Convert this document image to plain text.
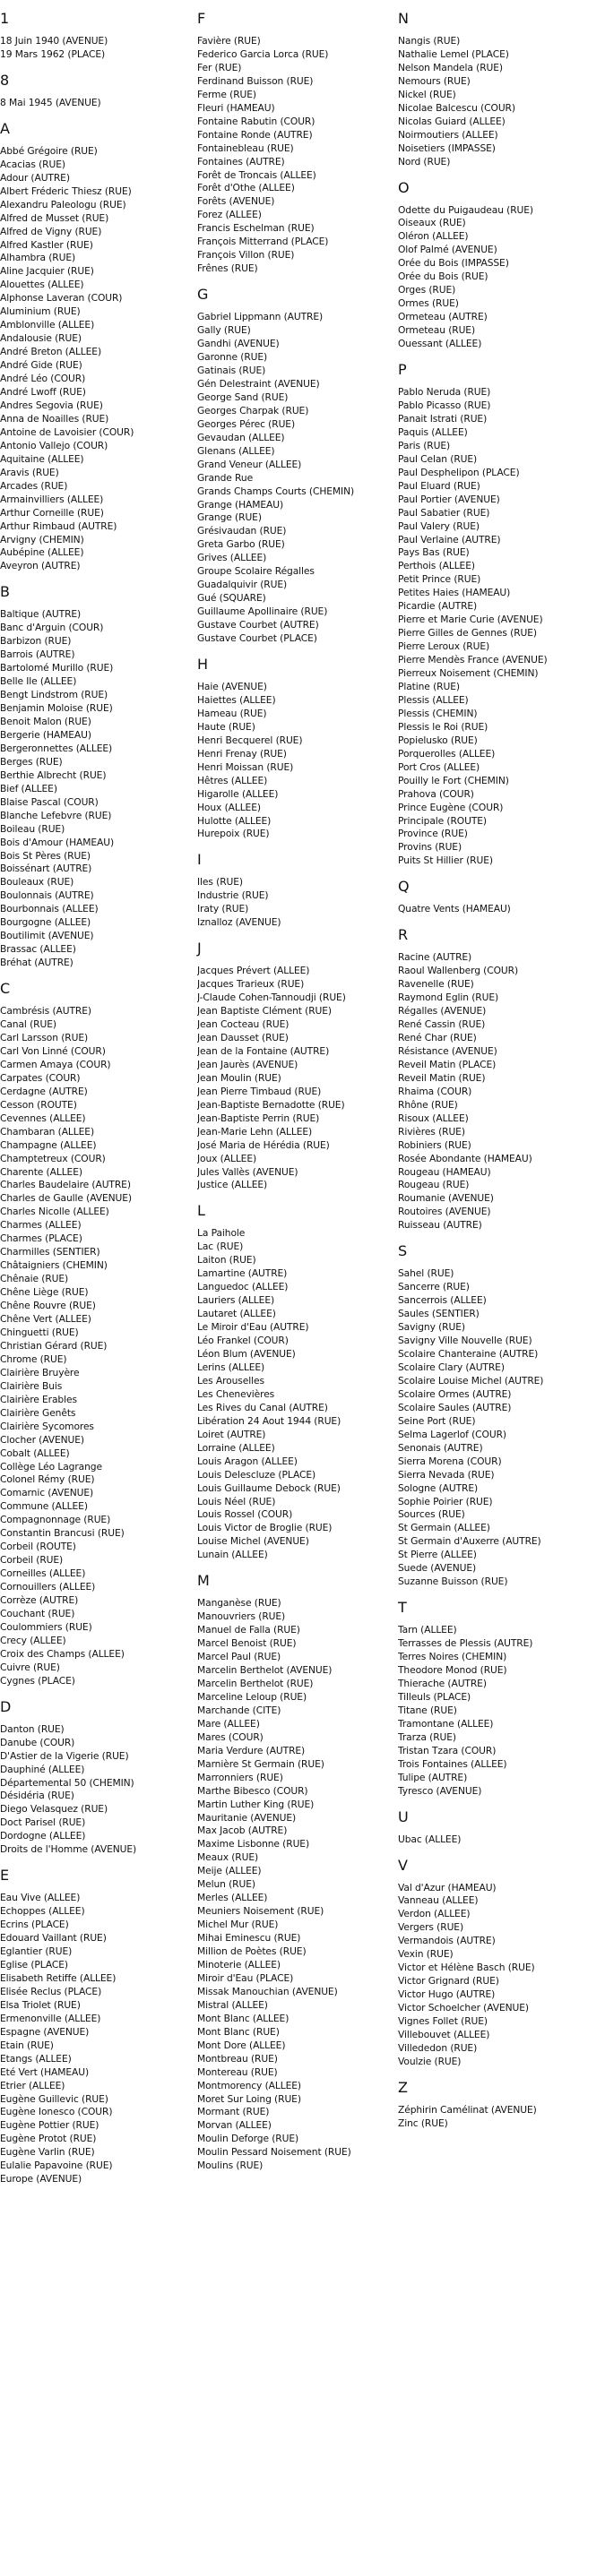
1
18 Juin 1940 (AVENUE)
19 Mars 1962 (PLACE)
8
8 Mai 1945 (AVENUE)
A
Abbé Grégoire (RUE)
Acacias (RUE)
Adour (AUTRE)
Albert Fréderic Thiesz (RUE)
Alexandru Paleologu (RUE)
Alfred de Musset (RUE)
Alfred de Vigny (RUE)
Alfred Kastler (RUE)
Alhambra (RUE)
Aline Jacquier (RUE)
Alouettes (ALLEE)
Alphonse Laveran (COUR)
Aluminium (RUE)
Amblonville (ALLEE)
Andalousie (RUE)
André Breton (ALLEE)
André Gide (RUE)
André Léo (COUR)
André Lwoff (RUE)
Andres Segovia (RUE)
Anna de Noailles (RUE)
Antoine de Lavoisier (COUR)
Antonio Vallejo (COUR)
Aquitaine (ALLEE)
Aravis (RUE)
Arcades (RUE)
Armainvilliers (ALLEE)
Arthur Corneille (RUE)
Arthur Rimbaud (AUTRE)
Arvigny (CHEMIN)
Aubépine (ALLEE)
Aveyron (AUTRE)
B
Baltique (AUTRE)
Banc d'Arguin (COUR)
Barbizon (RUE)
Barrois (AUTRE)
Bartolomé Murillo (RUE)
Belle Ile (ALLEE)
Bengt Lindstrom (RUE)
Benjamin Moloise (RUE)
Benoit Malon (RUE)
Bergerie (HAMEAU)
Bergeronnettes (ALLEE)
Berges (RUE)
Berthie Albrecht (RUE)
Bief (ALLEE)
Blaise Pascal (COUR)
Blanche Lefebvre (RUE)
Boileau (RUE)
Bois d'Amour (HAMEAU)
Bois St Pères (RUE)
Boissénart (AUTRE)
Bouleaux (RUE)
Boulonnais (AUTRE)
Bourbonnais (ALLEE)
Bourgogne (ALLEE)
Boutilimit (AVENUE)
Brassac (ALLEE)
Bréhat (AUTRE)
C
Cambrésis (AUTRE)
Canal (RUE)
Carl Larsson (RUE)
Carl Von Linné (COUR)
Carmen Amaya (COUR)
Carpates (COUR)
Cerdagne (AUTRE)
Cesson (ROUTE)
Cevennes (ALLEE)
Chambaran (ALLEE)
Champagne (ALLEE)
Champtetreux (COUR)
Charente (ALLEE)
Charles Baudelaire (AUTRE)
Charles de Gaulle (AVENUE)
Charles Nicolle (ALLEE)
Charmes (ALLEE)
Charmes (PLACE)
Charmilles (SENTIER)
Châtaigniers (CHEMIN)
Chênaie (RUE)
Chêne Liège (RUE)
Chêne Rouvre (RUE)
Chêne Vert (ALLEE)
Chinguetti (RUE)
Christian Gérard (RUE)
Chrome (RUE)
Clairière Bruyère
Clairière Buis
Clairière Erables
Clairière Genêts
Clairière Sycomores
Clocher (AVENUE)
Cobalt (ALLEE)
Collège Léo Lagrange
Colonel Rémy (RUE)
Comarnic (AVENUE)
Commune (ALLEE)
Compagnonnage (RUE)
Constantin Brancusi (RUE)
Corbeil (ROUTE)
Corbeil (RUE)
Corneilles (ALLEE)
Cornouillers (ALLEE)
Corrèze (AUTRE)
Couchant (RUE)
Coulommiers (RUE)
Crecy (ALLEE)
Croix des Champs (ALLEE)
Cuivre (RUE)
Cygnes (PLACE)
D
Danton (RUE)
Danube (COUR)
D'Astier de la Vigerie (RUE)
Dauphiné (ALLEE)
Départemental 50 (CHEMIN)
Désidéria (RUE)
Diego Velasquez (RUE)
Doct Parisel (RUE)
Dordogne (ALLEE)
Droits de l'Homme (AVENUE)
E
Eau Vive (ALLEE)
Echoppes (ALLEE)
Ecrins (PLACE)
Edouard Vaillant (RUE)
Eglantier (RUE)
Eglise (PLACE)
Elisabeth Retiffe (ALLEE)
Elisée Reclus (PLACE)
Elsa Triolet (RUE)
Ermenonville (ALLEE)
Espagne (AVENUE)
Etain (RUE)
Etangs (ALLEE)
Eté Vert (HAMEAU)
Etrier (ALLEE)
Eugène Guillevic (RUE)
Eugène Ionesco (COUR)
Eugène Pottier (RUE)
Eugène Protot (RUE)
Eugène Varlin (RUE)
Eulalie Papavoine (RUE)
Europe (AVENUE)
F
Favière (RUE)
Federico Garcia Lorca (RUE)
Fer (RUE)
Ferdinand Buisson (RUE)
Ferme (RUE)
Fleuri (HAMEAU)
Fontaine Rabutin (COUR)
Fontaine Ronde (AUTRE)
Fontainebleau (RUE)
Fontaines (AUTRE)
Forêt de Troncais (ALLEE)
Forêt d'Othe (ALLEE)
Forêts (AVENUE)
Forez (ALLEE)
Francis Eschelman (RUE)
François Mitterrand (PLACE)
François Villon (RUE)
Frênes (RUE)
G
Gabriel Lippmann (AUTRE)
Gally (RUE)
Gandhi (AVENUE)
Garonne (RUE)
Gatinais (RUE)
Gén Delestraint (AVENUE)
George Sand (RUE)
Georges Charpak (RUE)
Georges Pérec (RUE)
Gevaudan (ALLEE)
Glenans (ALLEE)
Grand Veneur (ALLEE)
Grande Rue
Grands Champs Courts (CHEMIN)
Grange (HAMEAU)
Grange (RUE)
Grésivaudan (RUE)
Greta Garbo (RUE)
Grives (ALLEE)
Groupe Scolaire Régalles
Guadalquivir (RUE)
Gué (SQUARE)
Guillaume Apollinaire (RUE)
Gustave Courbet (AUTRE)
Gustave Courbet (PLACE)
H
Haie (AVENUE)
Haiettes (ALLEE)
Hameau (RUE)
Haute (RUE)
Henri Becquerel (RUE)
Henri Frenay (RUE)
Henri Moissan (RUE)
Hêtres (ALLEE)
Higarolle (ALLEE)
Houx (ALLEE)
Hulotte (ALLEE)
Hurepoix (RUE)
I
Iles (RUE)
Industrie (RUE)
Iraty (RUE)
Iznalloz (AVENUE)
J
Jacques Prévert (ALLEE)
Jacques Trarieux (RUE)
J-Claude Cohen-Tannoudji (RUE)
Jean Baptiste Clément (RUE)
Jean Cocteau (RUE)
Jean Dausset (RUE)
Jean de la Fontaine (AUTRE)
Jean Jaurès (AVENUE)
Jean Moulin (RUE)
Jean Pierre Timbaud (RUE)
Jean-Baptiste Bernadotte (RUE)
Jean-Baptiste Perrin (RUE)
Jean-Marie Lehn (ALLEE)
José Maria de Hérédia (RUE)
Joux (ALLEE)
Jules Vallès (AVENUE)
Justice (ALLEE)
L
La Paihole
Lac (RUE)
Laiton (RUE)
Lamartine (AUTRE)
Languedoc (ALLEE)
Lauriers (ALLEE)
Lautaret (ALLEE)
Le Miroir d'Eau (AUTRE)
Léo Frankel (COUR)
Léon Blum (AVENUE)
Lerins (ALLEE)
Les Arouselles
Les Chenevières
Les Rives du Canal (AUTRE)
Libération 24 Aout 1944 (RUE)
Loiret (AUTRE)
Lorraine (ALLEE)
Louis Aragon (ALLEE)
Louis Delescluze (PLACE)
Louis Guillaume Debock (RUE)
Louis Néel (RUE)
Louis Rossel (COUR)
Louis Victor de Broglie (RUE)
Louise Michel (AVENUE)
Lunain (ALLEE)
M
Manganèse (RUE)
Manouvriers (RUE)
Manuel de Falla (RUE)
Marcel Benoist (RUE)
Marcel Paul (RUE)
Marcelin Berthelot (AVENUE)
Marcelin Berthelot (RUE)
Marceline Leloup (RUE)
Marchande (CITE)
Mare (ALLEE)
Mares (COUR)
Maria Verdure (AUTRE)
Marnière St Germain (RUE)
Marronniers (RUE)
Marthe Bibesco (COUR)
Martin Luther King (RUE)
Mauritanie (AVENUE)
Max Jacob (AUTRE)
Maxime Lisbonne (RUE)
Meaux (RUE)
Meije (ALLEE)
Melun (RUE)
Merles (ALLEE)
Meuniers Noisement (RUE)
Michel Mur (RUE)
Mihai Eminescu (RUE)
Million de Poètes (RUE)
Minoterie (ALLEE)
Miroir d'Eau (PLACE)
Missak Manouchian (AVENUE)
Mistral (ALLEE)
Mont Blanc (ALLEE)
Mont Blanc (RUE)
Mont Dore (ALLEE)
Montbreau (RUE)
Montereau (RUE)
Montmorency (ALLEE)
Moret Sur Loing (RUE)
Mormant (RUE)
Morvan (ALLEE)
Moulin Deforge (RUE)
Moulin Pessard Noisement (RUE)
Moulins (RUE)
N
Nangis (RUE)
Nathalie Lemel (PLACE)
Nelson Mandela (RUE)
Nemours (RUE)
Nickel (RUE)
Nicolae Balcescu (COUR)
Nicolas Guiard (ALLEE)
Noirmoutiers (ALLEE)
Noisetiers (IMPASSE)
Nord (RUE)
O
Odette du Puigaudeau (RUE)
Oiseaux (RUE)
Oléron (ALLEE)
Olof Palmé (AVENUE)
Orée du Bois (IMPASSE)
Orée du Bois (RUE)
Orges (RUE)
Ormes (RUE)
Ormeteau (AUTRE)
Ormeteau (RUE)
Ouessant (ALLEE)
P
Pablo Neruda (RUE)
Pablo Picasso (RUE)
Panait Istrati (RUE)
Paquis (ALLEE)
Paris (RUE)
Paul Celan (RUE)
Paul Desphelipon (PLACE)
Paul Eluard (RUE)
Paul Portier (AVENUE)
Paul Sabatier (RUE)
Paul Valery (RUE)
Paul Verlaine (AUTRE)
Pays Bas (RUE)
Perthois (ALLEE)
Petit Prince (RUE)
Petites Haies (HAMEAU)
Picardie (AUTRE)
Pierre et Marie Curie (AVENUE)
Pierre Gilles de Gennes (RUE)
Pierre Leroux (RUE)
Pierre Mendès France (AVENUE)
Pierreux Noisement (CHEMIN)
Platine (RUE)
Plessis (ALLEE)
Plessis (CHEMIN)
Plessis le Roi (RUE)
Popielusko (RUE)
Porquerolles (ALLEE)
Port Cros (ALLEE)
Pouilly le Fort (CHEMIN)
Prahova (COUR)
Prince Eugène (COUR)
Principale (ROUTE)
Province (RUE)
Provins (RUE)
Puits St Hillier (RUE)
Q
Quatre Vents (HAMEAU)
R
Racine (AUTRE)
Raoul Wallenberg (COUR)
Ravenelle (RUE)
Raymond Eglin (RUE)
Régalles (AVENUE)
René Cassin (RUE)
René Char (RUE)
Résistance (AVENUE)
Reveil Matin (PLACE)
Reveil Matin (RUE)
Rhaima (COUR)
Rhône (RUE)
Risoux (ALLEE)
Rivières (RUE)
Robiniers (RUE)
Rosée Abondante (HAMEAU)
Rougeau (HAMEAU)
Rougeau (RUE)
Roumanie (AVENUE)
Routoires (AVENUE)
Ruisseau (AUTRE)
S
Sahel (RUE)
Sancerre (RUE)
Sancerrois (ALLEE)
Saules (SENTIER)
Savigny (RUE)
Savigny Ville Nouvelle (RUE)
Scolaire Chanteraine (AUTRE)
Scolaire Clary (AUTRE)
Scolaire Louise Michel (AUTRE)
Scolaire Ormes (AUTRE)
Scolaire Saules (AUTRE)
Seine Port (RUE)
Selma Lagerlof (COUR)
Senonais (AUTRE)
Sierra Morena (COUR)
Sierra Nevada (RUE)
Sologne (AUTRE)
Sophie Poirier (RUE)
Sources (RUE)
St Germain (ALLEE)
St Germain d'Auxerre (AUTRE)
St Pierre (ALLEE)
Suede (AVENUE)
Suzanne Buisson (RUE)
T
Tarn (ALLEE)
Terrasses de Plessis (AUTRE)
Terres Noires (CHEMIN)
Theodore Monod (RUE)
Thierache (AUTRE)
Tilleuls (PLACE)
Titane (RUE)
Tramontane (ALLEE)
Trarza (RUE)
Tristan Tzara (COUR)
Trois Fontaines (ALLEE)
Tulipe (AUTRE)
Tyresco (AVENUE)
U
Ubac (ALLEE)
V
Val d'Azur (HAMEAU)
Vanneau (ALLEE)
Verdon (ALLEE)
Vergers (RUE)
Vermandois (AUTRE)
Vexin (RUE)
Victor et Hélène Basch (RUE)
Victor Grignard (RUE)
Victor Hugo (AUTRE)
Victor Schoelcher (AVENUE)
Vignes Follet (RUE)
Villebouvet (ALLEE)
Villededon (RUE)
Voulzie (RUE)
Z
Zéphirin Camélinat (AVENUE)
Zinc (RUE)
